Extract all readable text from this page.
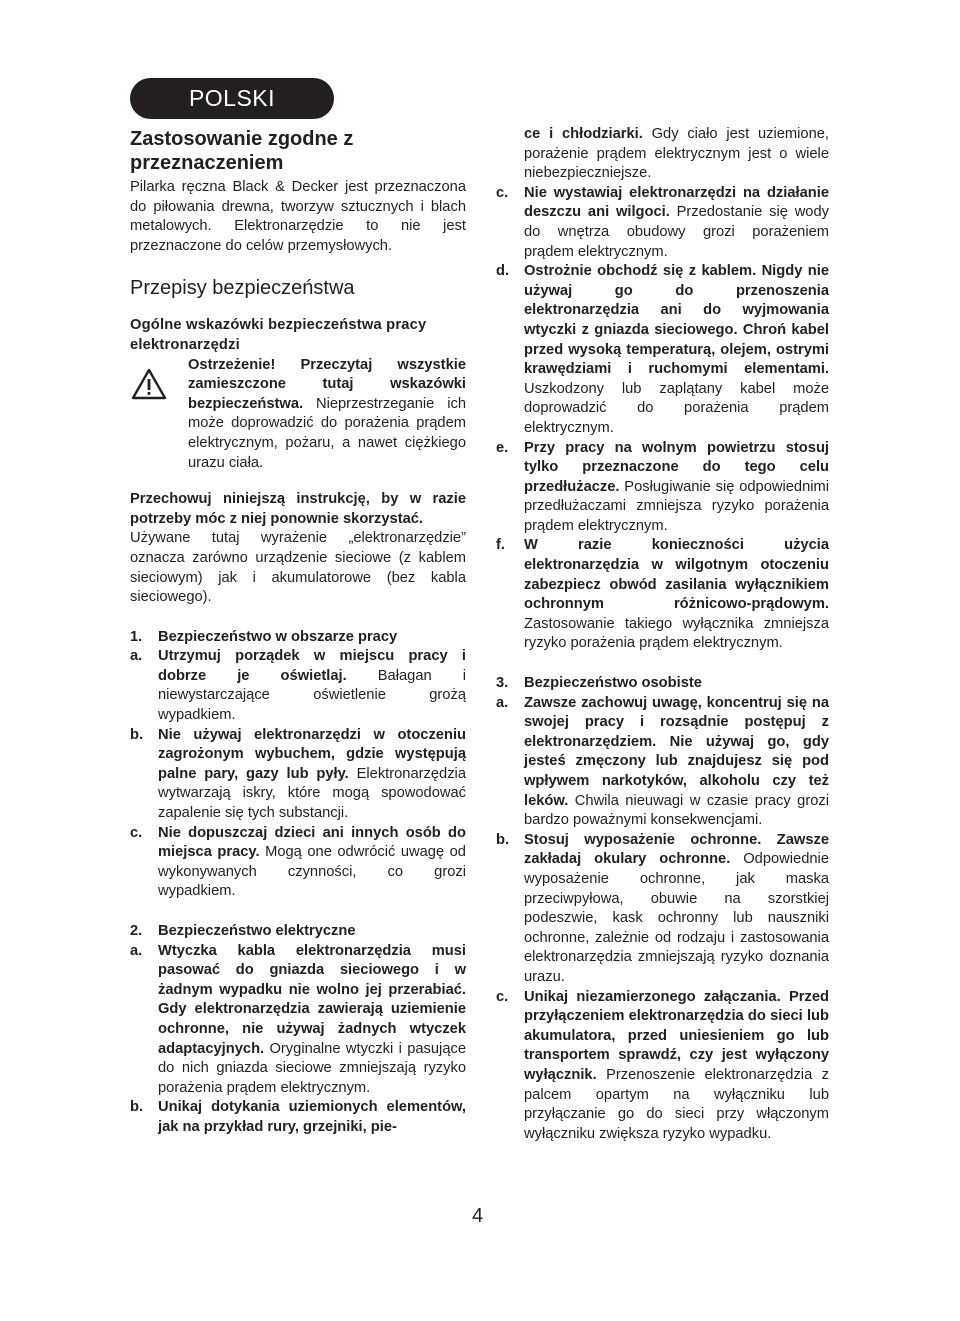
POLSKI
Zastosowanie zgodne z przeznaczeniem

Pilarka ręczna Black & Decker jest przeznaczona do piłowania drewna, tworzyw sztucznych i blach metalowych. Elektronarzędzie to nie jest przeznaczone do celów przemysłowych.

Przepisy bezpieczeństwa

Ogólne wskazówki bezpieczeństwa pracy elektronarzędzi

Ostrzeżenie! Przeczytaj wszystkie zamieszczone tutaj wskazówki bezpieczeństwa. Nieprzestrzeganie ich może doprowadzić do porażenia prądem elektrycznym, pożaru, a nawet ciężkiego urazu ciała.

Przechowuj niniejszą instrukcję, by w razie potrzeby móc z niej ponownie skorzystać.

Używane tutaj wyrażenie „elektronarzędzie” oznacza zarówno urządzenie sieciowe (z kablem sieciowym) jak i akumulatorowe (bez kabla sieciowego).

1.	Bezpieczeństwo w obszarze pracy
a.	Utrzymuj porządek w miejscu pracy i dobrze je oświetlaj. Bałagan i niewystarczające oświetlenie grożą wypadkiem.

b.	Nie używaj elektronarzędzi w otoczeniu zagrożonym wybuchem, gdzie występują palne pary, gazy lub pyły. Elektronarzędzia wytwarzają iskry, które mogą spowodować zapalenie się tych substancji.

c.	Nie dopuszczaj dzieci ani innych osób do miejsca pracy. Mogą one odwrócić uwagę od wykonywanych czynności, co grozi wypadkiem.

2.	Bezpieczeństwo elektryczne
a.	Wtyczka kabla elektronarzędzia musi pasować do gniazda sieciowego i w żadnym wypadku nie wolno jej przerabiać. Gdy elektronarzędzia zawierają uziemienie ochronne, nie używaj żadnych wtyczek adaptacyjnych. Oryginalne wtyczki i pasujące do nich gniazda sieciowe zmniejszają ryzyko porażenia prądem elektrycznym.

b.	Unikaj dotykania uziemionych elementów, jak na przykład rury, grzejniki, pie-

ce i chłodziarki. Gdy ciało jest uziemione, porażenie prądem elektrycznym jest o wiele niebezpieczniejsze.

c.	Nie wystawiaj elektronarzędzi na działanie deszczu ani wilgoci. Przedostanie się wody do wnętrza obudowy grozi porażeniem prądem elektrycznym.

d.	Ostrożnie obchodź się z kablem. Nigdy nie używaj go do przenoszenia elektronarzędzia ani do wyjmowania wtyczki z gniazda sieciowego. Chroń kabel przed wysoką temperaturą, olejem, ostrymi krawędziami i ruchomymi elementami. Uszkodzony lub zaplątany kabel może doprowadzić do porażenia prądem elektrycznym.

e.	Przy pracy na wolnym powietrzu stosuj tylko przeznaczone do tego celu przedłużacze. Posługiwanie się odpowiednimi przedłużaczami zmniejsza ryzyko porażenia prądem elektrycznym.

f.	W razie konieczności użycia elektronarzędzia w wilgotnym otoczeniu zabezpiecz obwód zasilania wyłącznikiem ochronnym różnicowo-prądowym. Zastosowanie takiego wyłącznika zmniejsza ryzyko porażenia prądem elektrycznym.

3.	Bezpieczeństwo osobiste
a.	Zawsze zachowuj uwagę, koncentruj się na swojej pracy i rozsądnie postępuj z elektronarzędziem. Nie używaj go, gdy jesteś zmęczony lub znajdujesz się pod wpływem narkotyków, alkoholu czy też leków. Chwila nieuwagi w czasie pracy grozi bardzo poważnymi konsekwencjami.

b.	Stosuj wyposażenie ochronne. Zawsze zakładaj okulary ochronne. Odpowiednie wyposażenie ochronne, jak maska przeciwpyłowa, obuwie na szorstkiej podeszwie, kask ochronny lub nauszniki ochronne, zależnie od rodzaju i zastosowania elektronarzędzia zmniejszają ryzyko doznania urazu.

c.	Unikaj niezamierzonego załączania. Przed przyłączeniem elektronarzędzia do sieci lub akumulatora, przed uniesieniem go lub transportem sprawdź, czy jest wyłączony wyłącznik. Przenoszenie elektronarzędzia z palcem opartym na wyłączniku lub przyłączanie go do sieci przy włączonym wyłączniku zwiększa ryzyko wypadku.

4
